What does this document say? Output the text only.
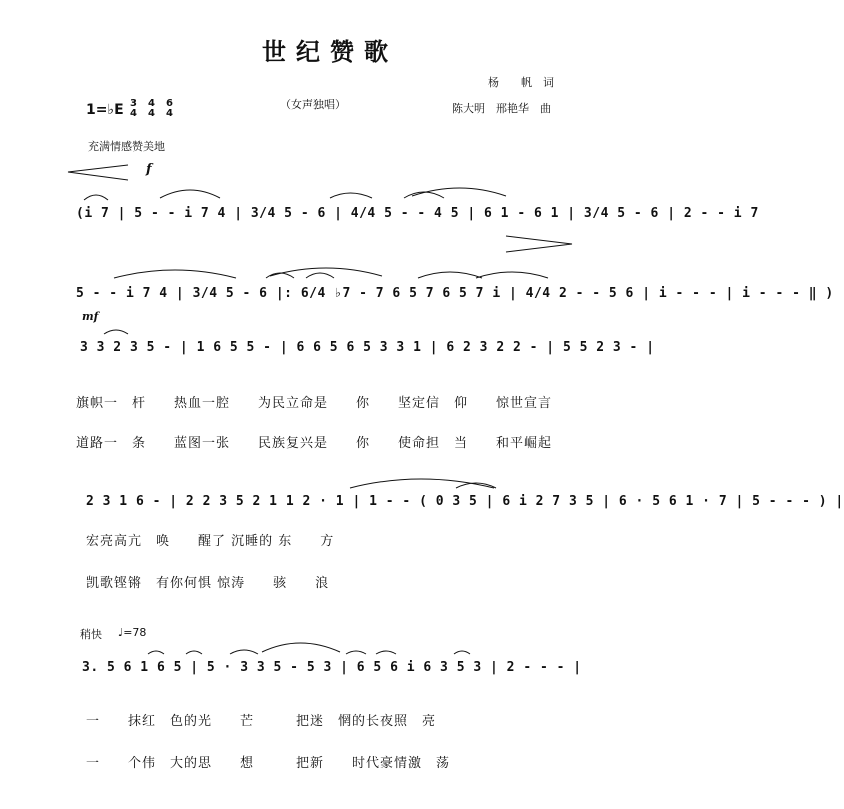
世纪赞歌
杨　　帆　词
陈大明　邢艳华　曲
（女声独唱）
1=♭E 3
4
4
4
6
4
充满情感赞美地
f
(i 7 | 5 - - i 7 4 | 3/4 5 - 6 | 4/4 5 - - 4 5 | 6 1 - 6 1 | 3/4 5 - 6 | 2 - - i 7
5 - - i 7 4 | 3/4 5 - 6 |: 6/4 ♭7 - 7 6 5 7 6 5 7 i | 4/4 2 - - 5 6 | i - - - | i - - - ‖ )
mf
3 3 2 3 5 - | 1 6 5 5 - | 6 6 5 6 5 3 3 1 | 6 2 3 2 2 - | 5 5 2 3 - |
旗帜一　杆　　热血一腔　　为民立命是　　你　　坚定信　仰　　惊世宣言
道路一　条　　蓝图一张　　民族复兴是　　你　　使命担　当　　和平崛起
2 3 1 6 - | 2 2 3 5 2 1 1 2 · 1 | 1 - - ( 0 3 5 | 6 i 2 7 3 5 | 6 · 5 6 1 · 7 | 5 - - - ) |
宏亮高亢　唤　　醒了 沉睡的 东　　方
凯歌铿锵　有你何惧 惊涛　　骇　　浪
稍快 ♩=78
3. 5 6 1 6 5 | 5 · 3 3 5 - 5 3 | 6 5 6 i 6 3 5 3 | 2 - - - |
一　　抹红　色的光　　芒　　　把迷　惘的长夜照　亮
一　　个伟　大的思　　想　　　把新　　时代豪情激　荡
